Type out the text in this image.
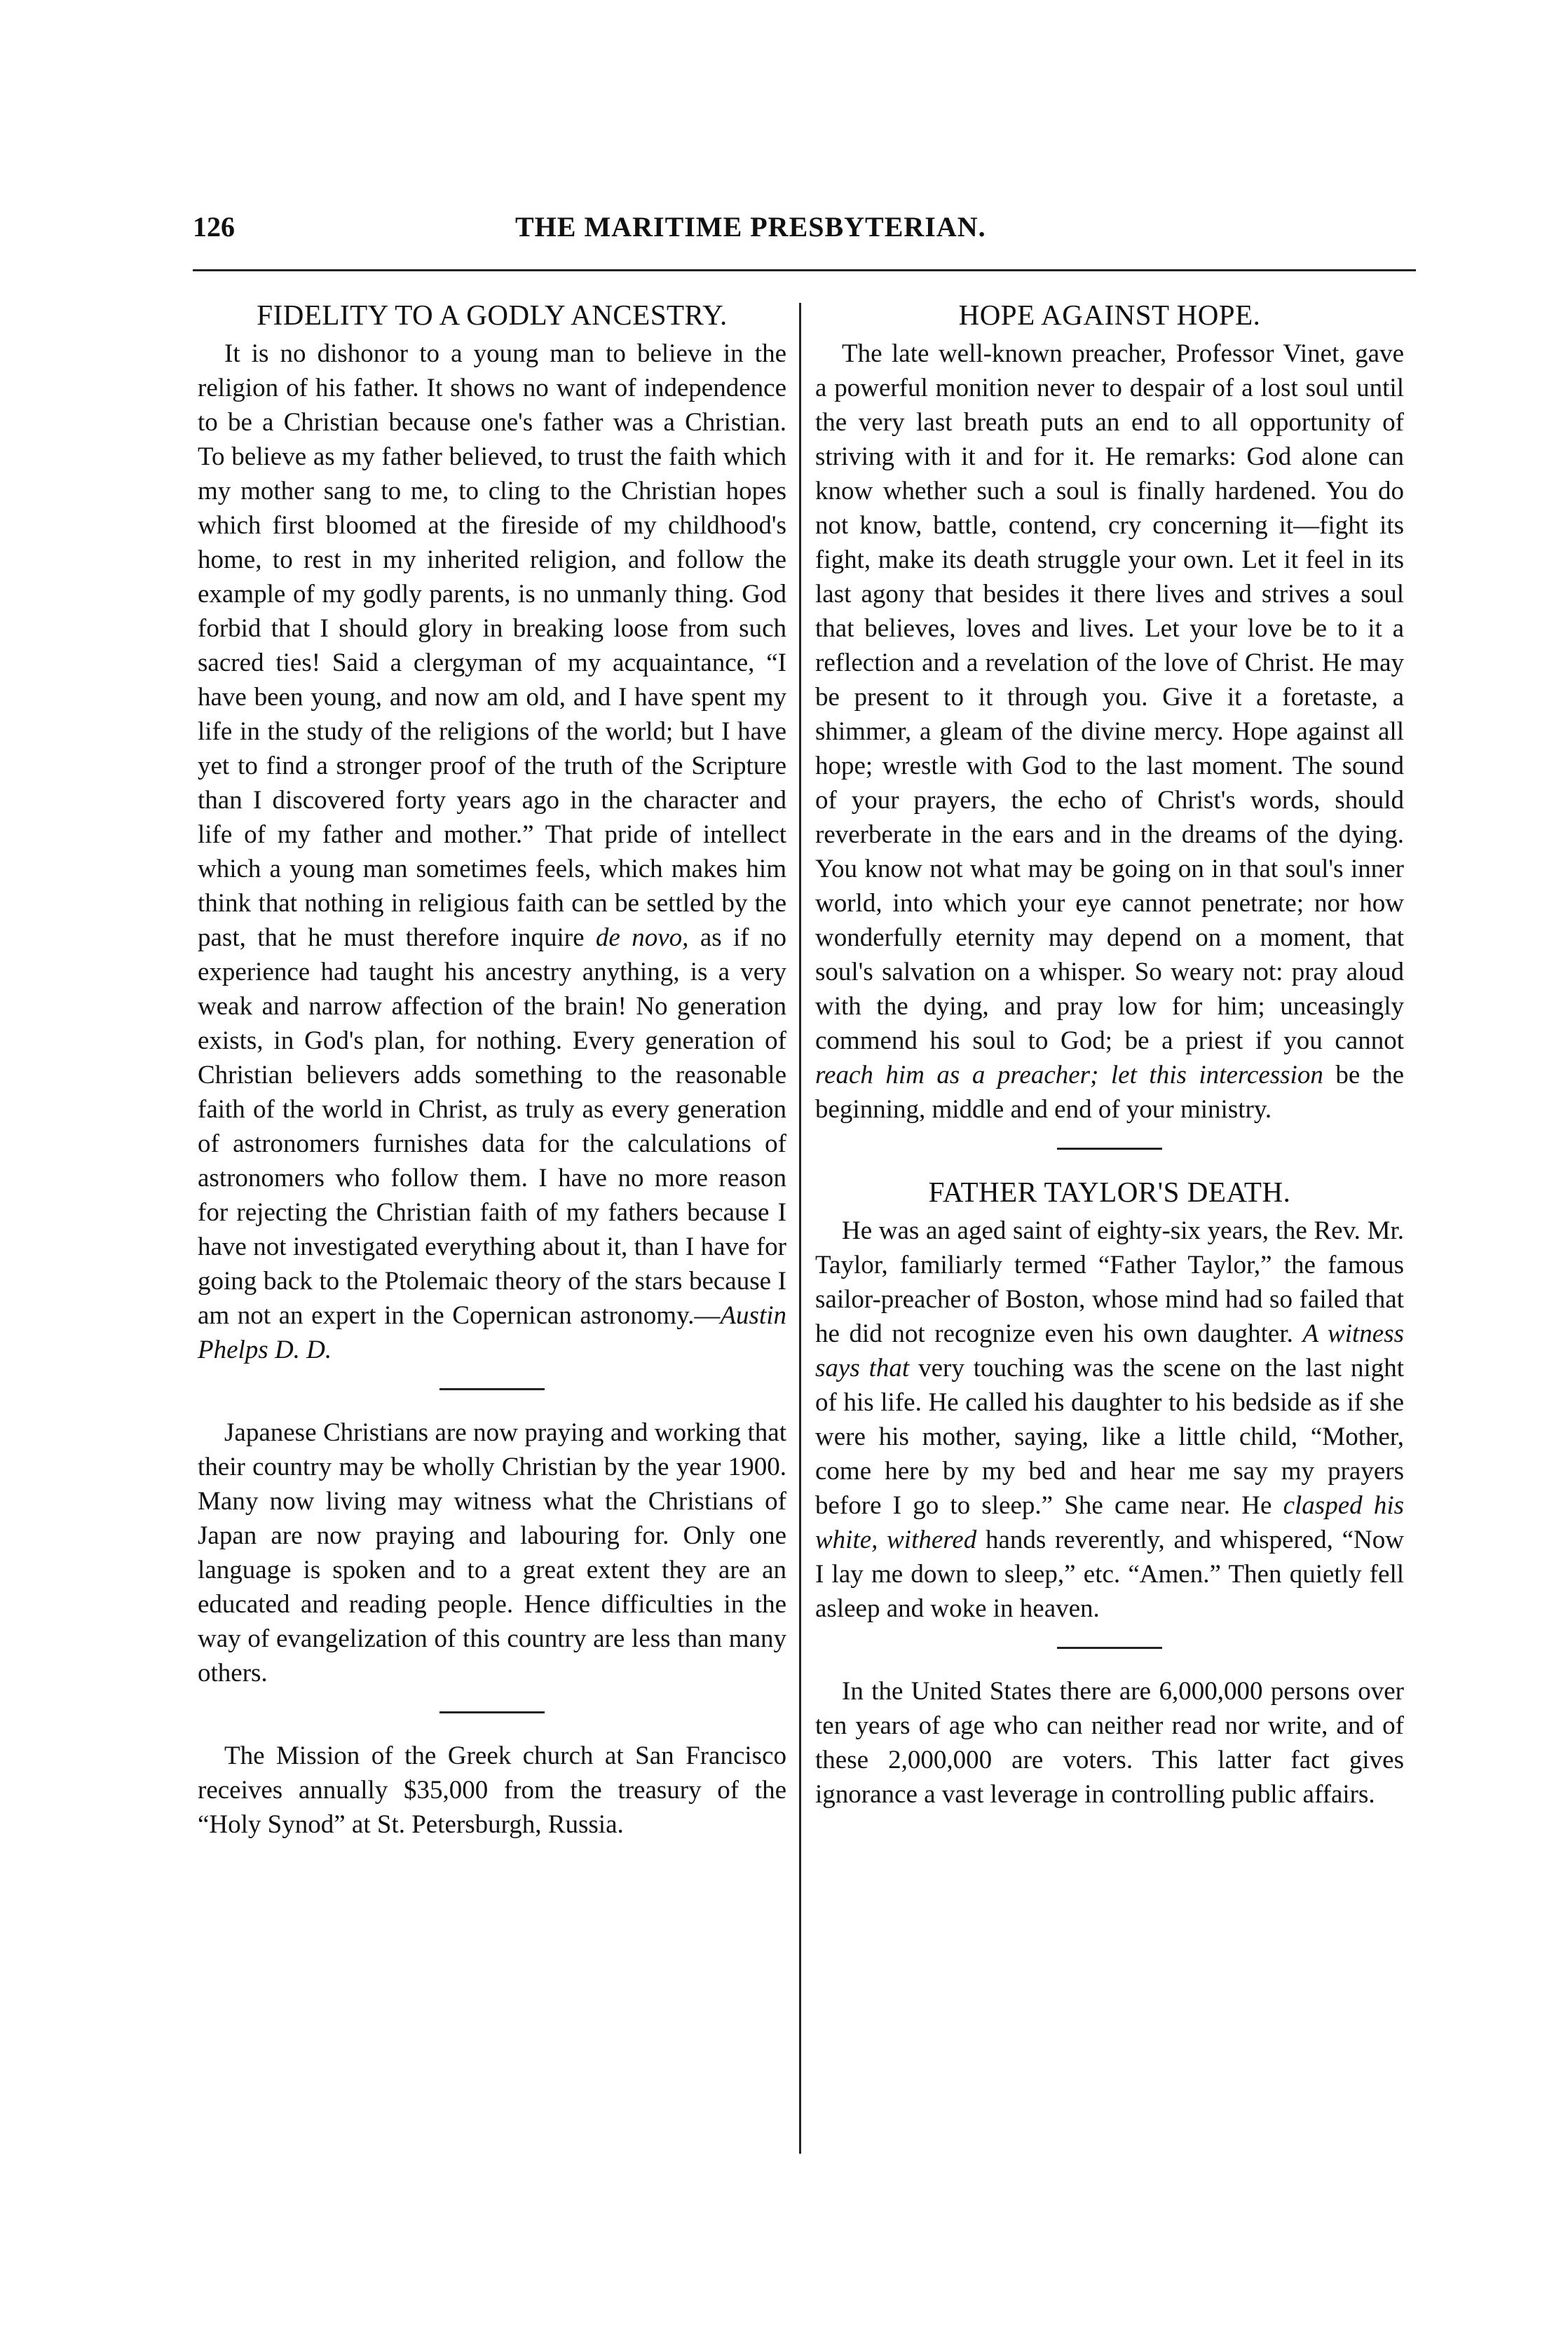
126	THE MARITIME PRESBYTERIAN.
FIDELITY TO A GODLY ANCESTRY.

It is no dishonor to a young man to believe in the religion of his father. It shows no want of independence to be a Christian because one's father was a Christian. To believe as my father believed, to trust the faith which my mother sang to me, to cling to the Christian hopes which first bloomed at the fireside of my childhood's home, to rest in my inherited religion, and follow the example of my godly parents, is no unmanly thing. God forbid that I should glory in breaking loose from such sacred ties! Said a clergyman of my acquaintance, “I have been young, and now am old, and I have spent my life in the study of the religions of the world; but I have yet to find a stronger proof of the truth of the Scripture than I discovered forty years ago in the character and life of my father and mother.” That pride of intellect which a young man sometimes feels, which makes him think that nothing in religious faith can be settled by the past, that he must therefore inquire de novo, as if no experience had taught his ancestry anything, is a very weak and narrow affection of the brain! No generation exists, in God's plan, for nothing. Every generation of Christian believers adds something to the reasonable faith of the world in Christ, as truly as every generation of astronomers furnishes data for the calculations of astronomers who follow them. I have no more reason for rejecting the Christian faith of my fathers because I have not investigated everything about it, than I have for going back to the Ptolemaic theory of the stars because I am not an expert in the Copernican astronomy.—Austin Phelps D. D.

Japanese Christians are now praying and working that their country may be wholly Christian by the year 1900. Many now living may witness what the Christians of Japan are now praying and labouring for. Only one language is spoken and to a great extent they are an educated and reading people. Hence difficulties in the way of evangelization of this country are less than many others.

The Mission of the Greek church at San Francisco receives annually $35,000 from the treasury of the “Holy Synod” at St. Petersburgh, Russia.

HOPE AGAINST HOPE.

The late well-known preacher, Professor Vinet, gave a powerful monition never to despair of a lost soul until the very last breath puts an end to all opportunity of striving with it and for it. He remarks: God alone can know whether such a soul is finally hardened. You do not know, battle, contend, cry concerning it—fight its fight, make its death struggle your own. Let it feel in its last agony that besides it there lives and strives a soul that believes, loves and lives. Let your love be to it a reflection and a revelation of the love of Christ. He may be present to it through you. Give it a foretaste, a shimmer, a gleam of the divine mercy. Hope against all hope; wrestle with God to the last moment. The sound of your prayers, the echo of Christ's words, should reverberate in the ears and in the dreams of the dying. You know not what may be going on in that soul's inner world, into which your eye cannot penetrate; nor how wonderfully eternity may depend on a moment, that soul's salvation on a whisper. So weary not: pray aloud with the dying, and pray low for him; unceasingly commend his soul to God; be a priest if you cannot reach him as a preacher; let this intercession be the beginning, middle and end of your ministry.

FATHER TAYLOR'S DEATH.

He was an aged saint of eighty-six years, the Rev. Mr. Taylor, familiarly termed “Father Taylor,” the famous sailor-preacher of Boston, whose mind had so failed that he did not recognize even his own daughter. A witness says that very touching was the scene on the last night of his life. He called his daughter to his bedside as if she were his mother, saying, like a little child, “Mother, come here by my bed and hear me say my prayers before I go to sleep.” She came near. He clasped his white, withered hands reverently, and whispered, “Now I lay me down to sleep,” etc. “Amen.” Then quietly fell asleep and woke in heaven.

In the United States there are 6,000,000 persons over ten years of age who can neither read nor write, and of these 2,000,000 are voters. This latter fact gives ignorance a vast leverage in controlling public affairs.
